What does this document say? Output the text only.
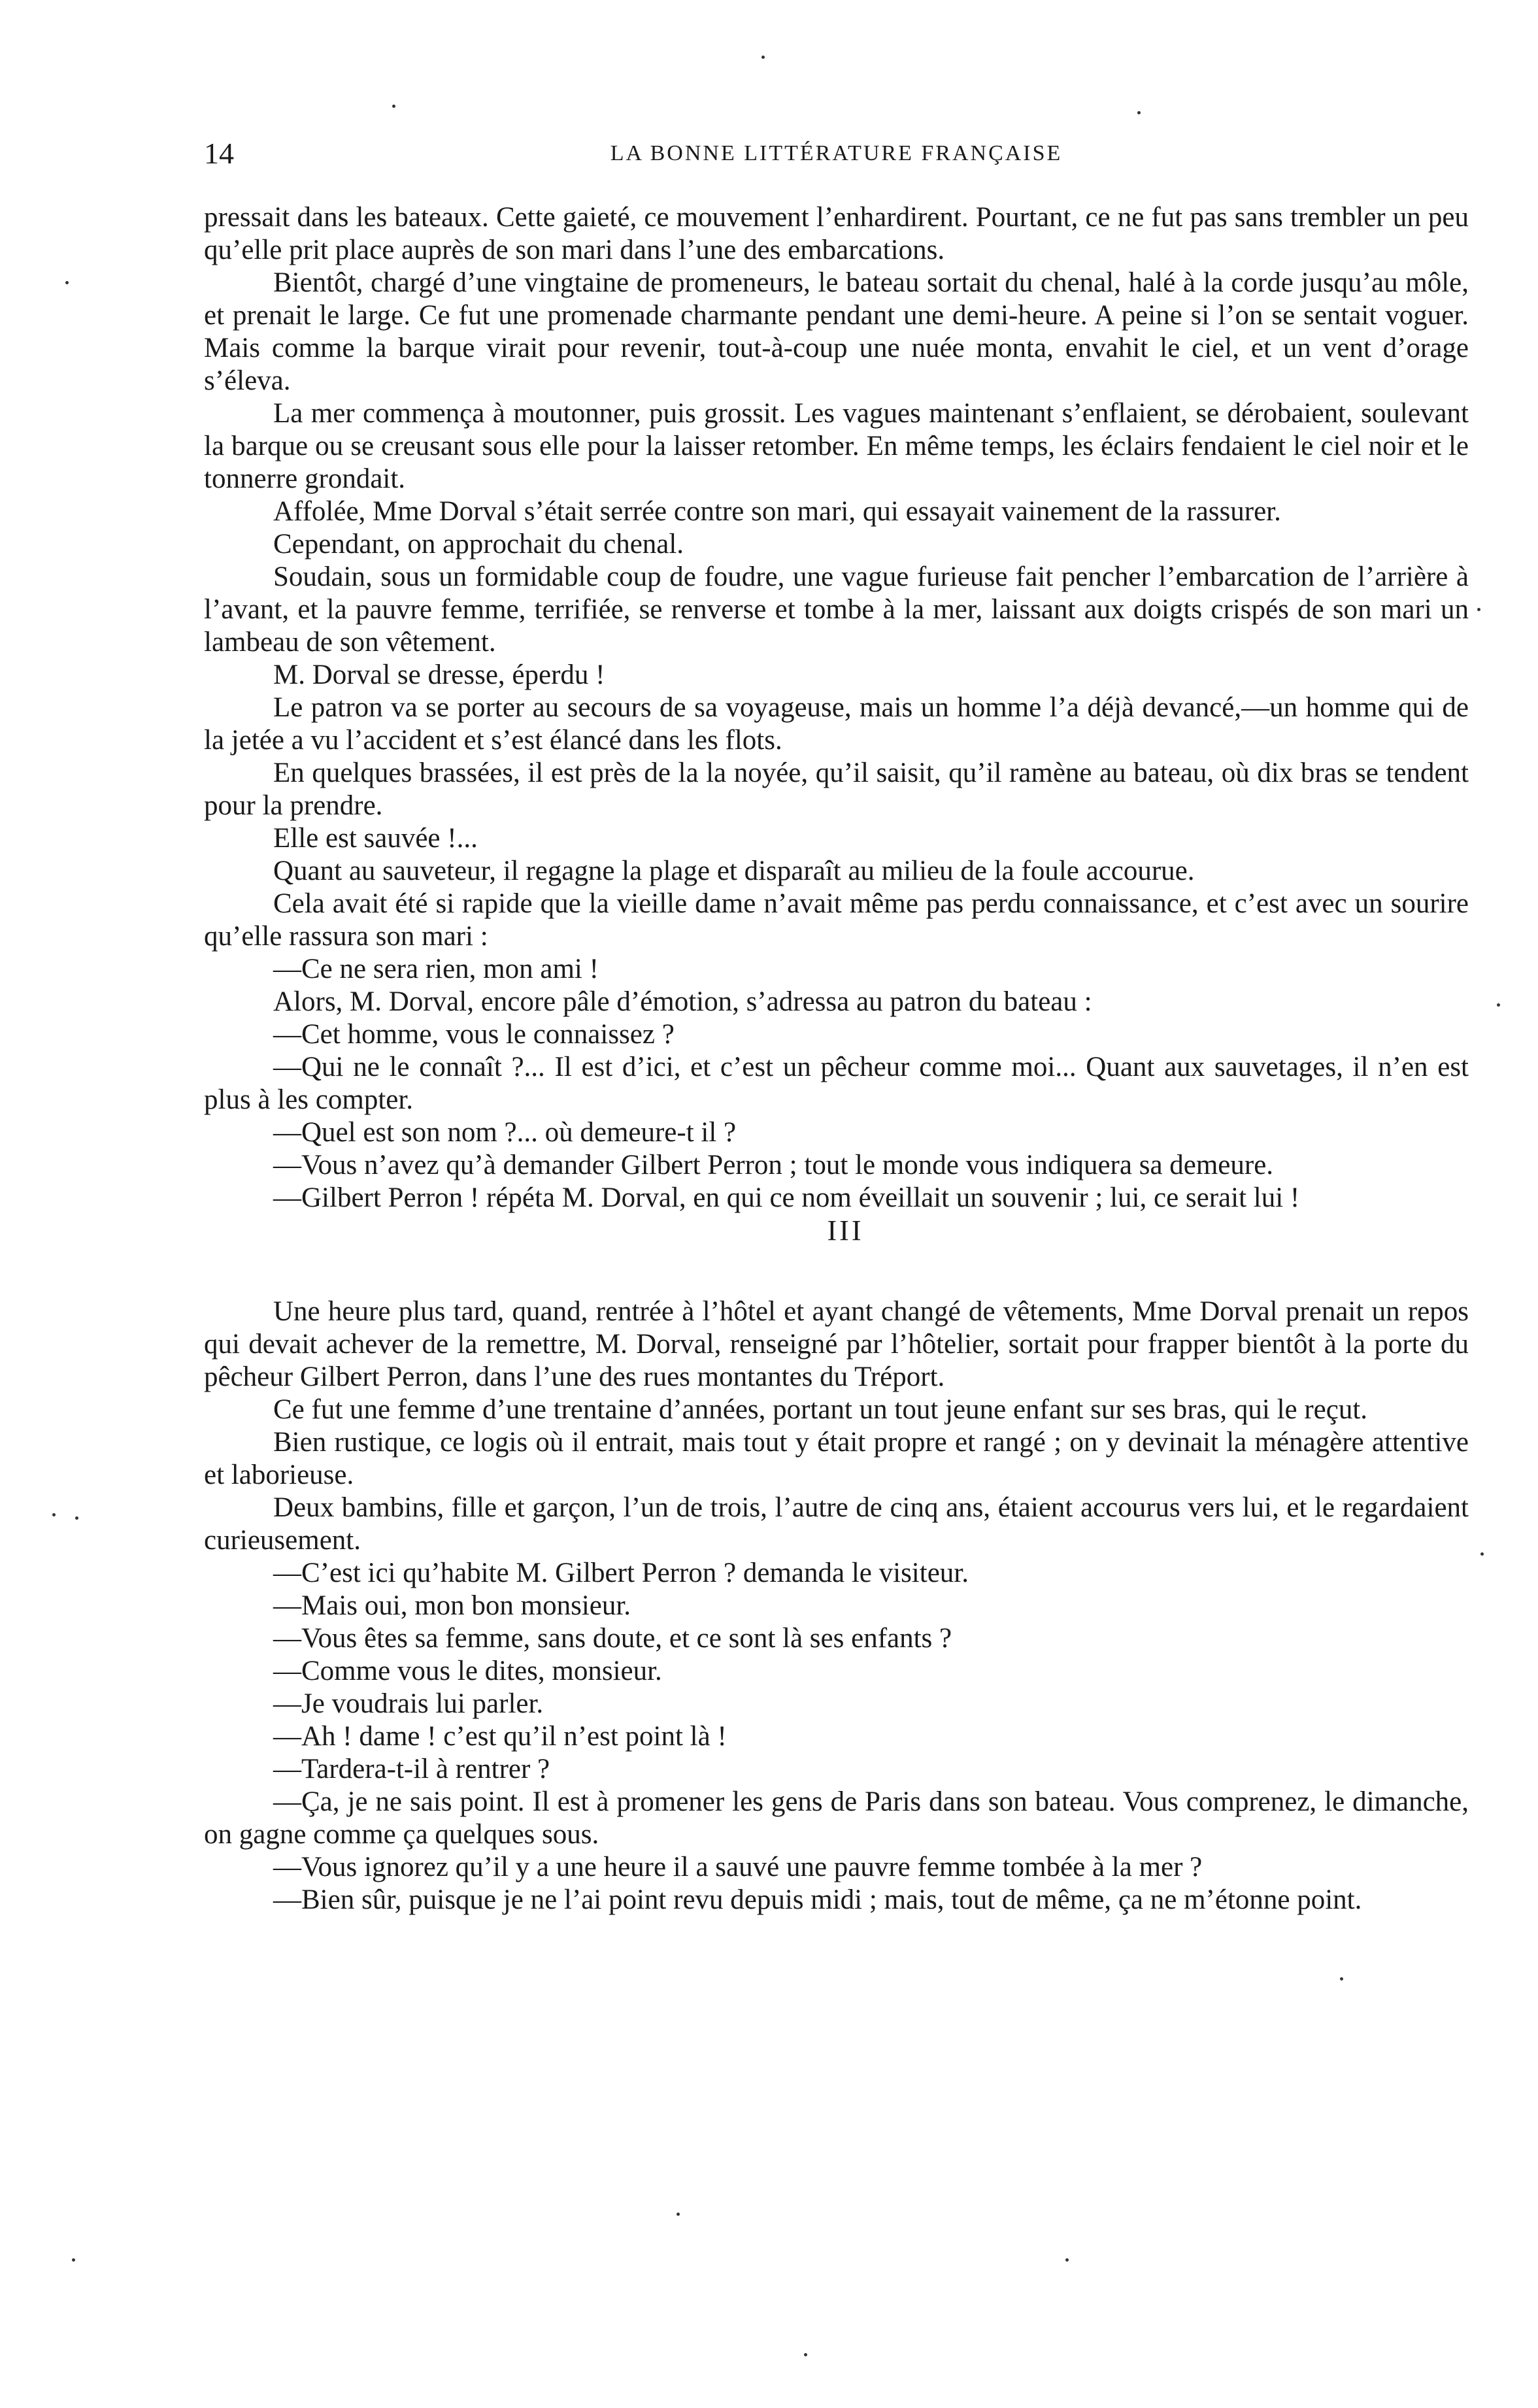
14	LA BONNE LITTÉRATURE FRANÇAISE

pressait dans les bateaux. Cette gaieté, ce mouvement l’enhardirent. Pourtant, ce ne fut pas sans trembler un peu qu’elle prit place auprès de son mari dans l’une des embarcations.

Bientôt, chargé d’une vingtaine de promeneurs, le bateau sortait du chenal, halé à la corde jusqu’au môle, et prenait le large. Ce fut une promenade charmante pendant une demi-heure. A peine si l’on se sentait voguer. Mais comme la barque virait pour revenir, tout-à-coup une nuée monta, envahit le ciel, et un vent d’orage s’éleva.

La mer commença à moutonner, puis grossit. Les vagues maintenant s’enflaient, se dérobaient, soulevant la barque ou se creusant sous elle pour la laisser retomber. En même temps, les éclairs fendaient le ciel noir et le tonnerre grondait.

Affolée, Mme Dorval s’était serrée contre son mari, qui essayait vainement de la rassurer.

Cependant, on approchait du chenal.

Soudain, sous un formidable coup de foudre, une vague furieuse fait pencher l’embarcation de l’arrière à l’avant, et la pauvre femme, terrifiée, se renverse et tombe à la mer, laissant aux doigts crispés de son mari un lambeau de son vêtement.

M. Dorval se dresse, éperdu !

Le patron va se porter au secours de sa voyageuse, mais un homme l’a déjà devancé,—un homme qui de la jetée a vu l’accident et s’est élancé dans les flots.

En quelques brassées, il est près de la la noyée, qu’il saisit, qu’il ramène au bateau, où dix bras se tendent pour la prendre.

Elle est sauvée !...

Quant au sauveteur, il regagne la plage et disparaît au milieu de la foule accourue.

Cela avait été si rapide que la vieille dame n’avait même pas perdu connaissance, et c’est avec un sourire qu’elle rassura son mari :

—Ce ne sera rien, mon ami !

Alors, M. Dorval, encore pâle d’émotion, s’adressa au patron du bateau :

—Cet homme, vous le connaissez ?

—Qui ne le connaît ?... Il est d’ici, et c’est un pêcheur comme moi... Quant aux sauvetages, il n’en est plus à les compter.

—Quel est son nom ?... où demeure-t il ?

—Vous n’avez qu’à demander Gilbert Perron ; tout le monde vous indiquera sa demeure.

—Gilbert Perron ! répéta M. Dorval, en qui ce nom éveillait un souvenir ; lui, ce serait lui !

III

Une heure plus tard, quand, rentrée à l’hôtel et ayant changé de vêtements, Mme Dorval prenait un repos qui devait achever de la remettre, M. Dorval, renseigné par l’hôtelier, sortait pour frapper bientôt à la porte du pêcheur Gilbert Perron, dans l’une des rues montantes du Tréport.

Ce fut une femme d’une trentaine d’années, portant un tout jeune enfant sur ses bras, qui le reçut.

Bien rustique, ce logis où il entrait, mais tout y était propre et rangé ; on y devinait la ménagère attentive et laborieuse.

Deux bambins, fille et garçon, l’un de trois, l’autre de cinq ans, étaient accourus vers lui, et le regardaient curieusement.

—C’est ici qu’habite M. Gilbert Perron ? demanda le visiteur.

—Mais oui, mon bon monsieur.

—Vous êtes sa femme, sans doute, et ce sont là ses enfants ?

—Comme vous le dites, monsieur.

—Je voudrais lui parler.

—Ah ! dame ! c’est qu’il n’est point là !

—Tardera-t-il à rentrer ?

—Ça, je ne sais point. Il est à promener les gens de Paris dans son bateau. Vous comprenez, le dimanche, on gagne comme ça quelques sous.

—Vous ignorez qu’il y a une heure il a sauvé une pauvre femme tombée à la mer ?

—Bien sûr, puisque je ne l’ai point revu depuis midi ; mais, tout de même, ça ne m’étonne point.
